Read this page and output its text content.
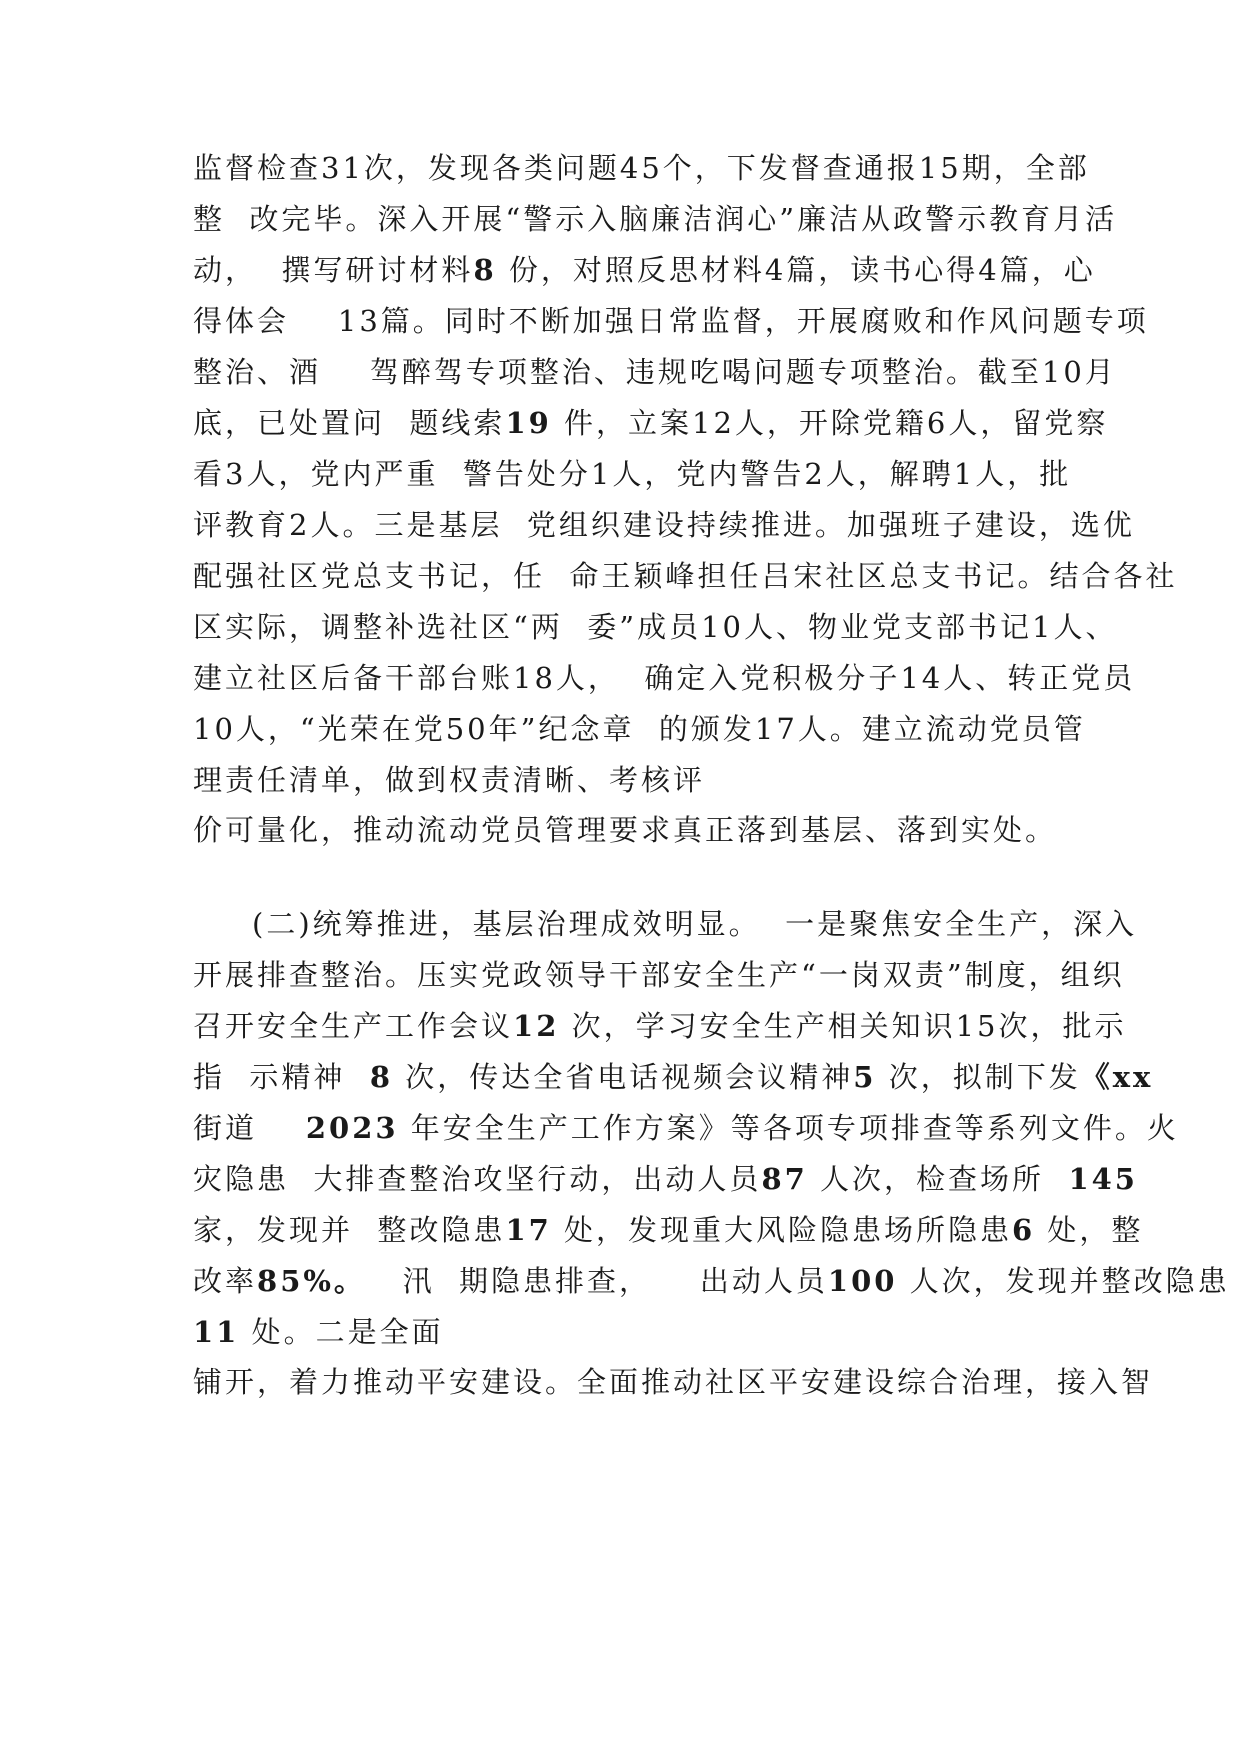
监督检查31次，发现各类问题45个，下发督查通报15期，全部
整  改完毕。深入开展“警示入脑廉洁润心”廉洁从政警示教育月活
动，  撰写研讨材料8 份，对照反思材料4篇，读书心得4篇，心
得体会    13篇。同时不断加强日常监督，开展腐败和作风问题专项
整治、酒    驾醉驾专项整治、违规吃喝问题专项整治。截至10月
底，已处置问  题线索19 件，立案12人，开除党籍6人，留党察
看3人，党内严重  警告处分1人，党内警告2人，解聘1人，批
评教育2人。三是基层  党组织建设持续推进。加强班子建设，选优
配强社区党总支书记，任  命王颖峰担任吕宋社区总支书记。结合各社
区实际，调整补选社区“两  委”成员10人、物业党支部书记1人、
建立社区后备干部台账18人，  确定入党积极分子14人、转正党员
10人，“光荣在党50年”纪念章  的颁发17人。建立流动党员管
理责任清单，做到权责清晰、考核评
价可量化，推动流动党员管理要求真正落到基层、落到实处。
(二)统筹推进，基层治理成效明显。  一是聚焦安全生产，深入
开展排查整治。压实党政领导干部安全生产“一岗双责”制度，组织
召开安全生产工作会议12 次，学习安全生产相关知识15次，批示
指  示精神  8 次，传达全省电话视频会议精神5 次，拟制下发《xx
街道    2023 年安全生产工作方案》等各项专项排查等系列文件。火
灾隐患  大排查整治攻坚行动，出动人员87 人次，检查场所  145
家，发现并  整改隐患17 处，发现重大风险隐患场所隐患6 处，整
改率85%。   汛  期隐患排查，    出动人员100 人次，发现并整改隐患
11 处。二是全面
铺开，着力推动平安建设。全面推动社区平安建设综合治理，接入智
